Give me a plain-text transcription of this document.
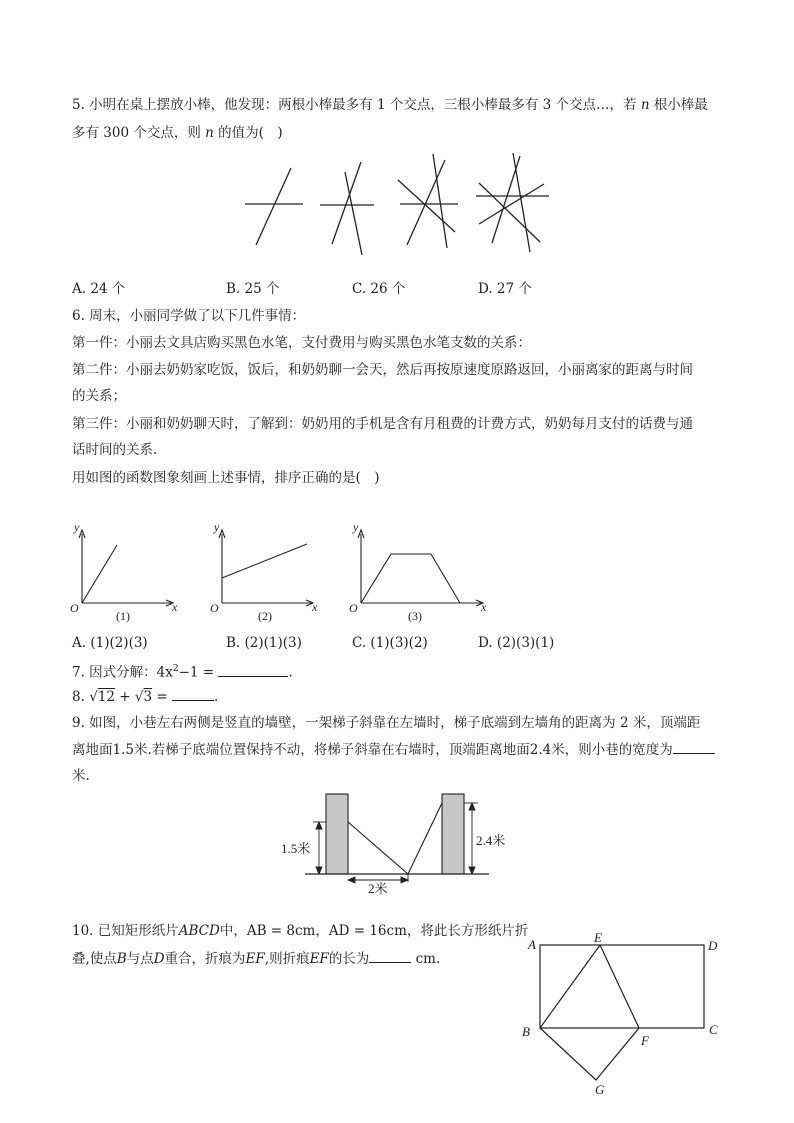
5. 小明在桌上摆放小棒，他发现：两根小棒最多有 1 个交点，三根小棒最多有 3 个交点…，若 n 根小棒最
多有 300 个交点，则 n 的值为(　)
A. 24 个	B. 25 个	C. 26 个	D. 27 个
6. 周末，小丽同学做了以下几件事情：
第一件：小丽去文具店购买黑色水笔，支付费用与购买黑色水笔支数的关系：
第二件：小丽去奶奶家吃饭，饭后，和奶奶聊一会天，然后再按原速度原路返回，小丽离家的距离与时间
的关系；
第三件：小丽和奶奶聊天时，了解到：奶奶用的手机是含有月租费的计费方式，奶奶每月支付的话费与通
话时间的关系.
用如图的函数图象刻画上述事情，排序正确的是(　)
y
O	x
(1)
y
O	x
(2)
y
O	x
(3)
A. (1)(2)(3)	B. (2)(1)(3)	C. (1)(3)(2)	D. (2)(3)(1)
7. 因式分解：$4x^2-1$ =	.
8. √12 + √3 =	.
9. 如图，小巷左右两侧是竖直的墙壁，一架梯子斜靠在左墙时，梯子底端到左墙角的距离为 2 米，顶端距
离地面1.5米.若梯子底端位置保持不动，将梯子斜靠在右墙时，顶端距离地面2.4米，则小巷的宽度为
米.
1.5米
2.4米
2米
10. 已知矩形纸片ABCD中，AB = 8cm，AD = 16cm，将此长方形纸片折
叠,使点B与点D重合，折痕为EF,则折痕EF的长为	cm.
A	E
D
B
F
C
G
